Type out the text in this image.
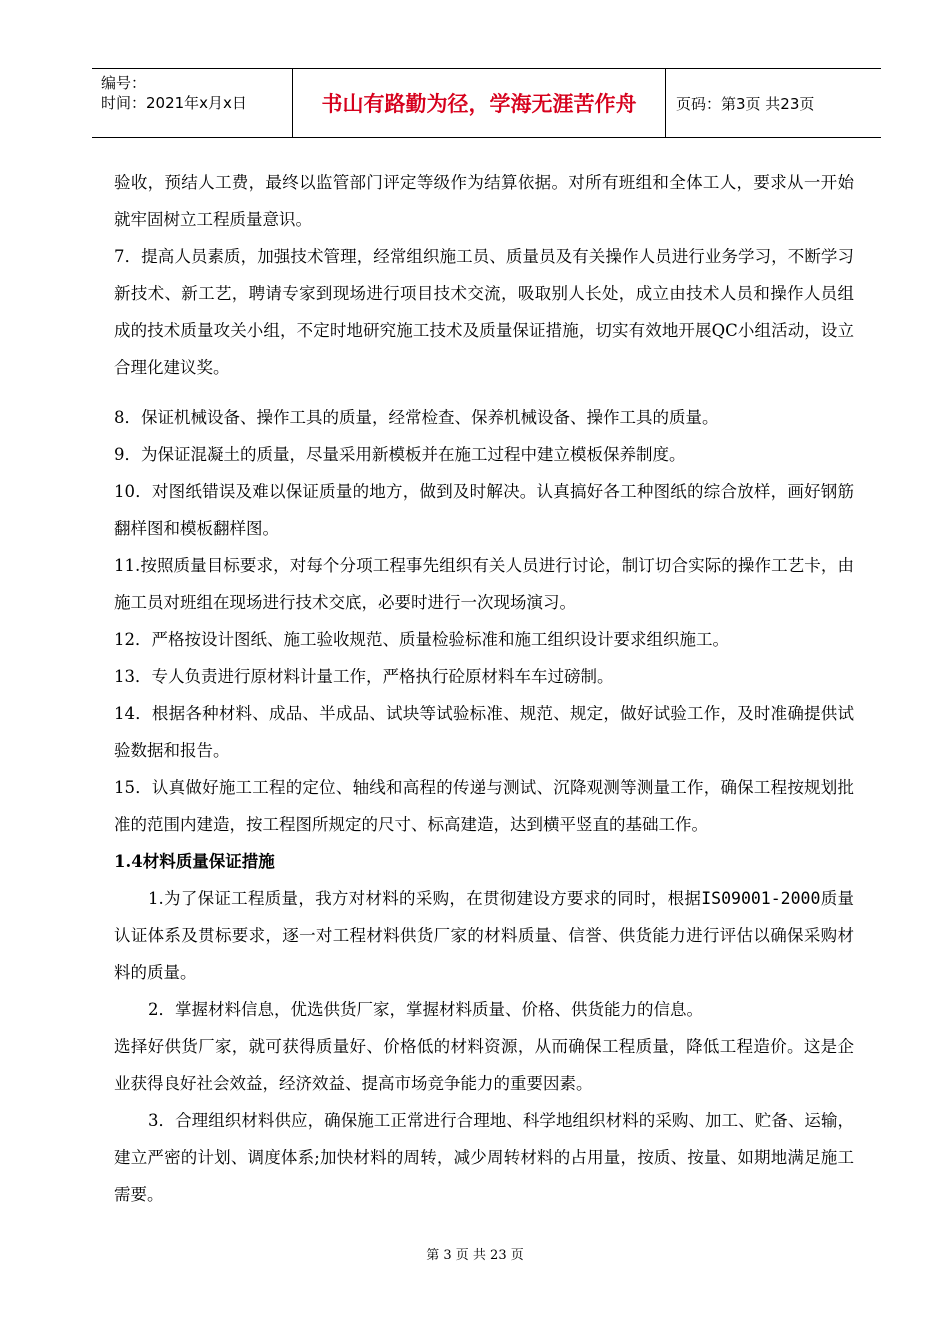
编号：
时间：2021年x月x日	书山有路勤为径，学海无涯苦作舟	页码：第3页 共23页

验收，预结人工费，最终以监管部门评定等级作为结算依据。对所有班组和全体工人，要求从一开始就牢固树立工程质量意识。

7．提高人员素质，加强技术管理，经常组织施工员、质量员及有关操作人员进行业务学习，不断学习新技术、新工艺，聘请专家到现场进行项目技术交流，吸取别人长处，成立由技术人员和操作人员组成的技术质量攻关小组，不定时地研究施工技术及质量保证措施，切实有效地开展QC小组活动，设立合理化建议奖。

8．保证机械设备、操作工具的质量，经常检查、保养机械设备、操作工具的质量。

9．为保证混凝土的质量，尽量采用新模板并在施工过程中建立模板保养制度。

10．对图纸错误及难以保证质量的地方，做到及时解决。认真搞好各工种图纸的综合放样，画好钢筋翻样图和模板翻样图。

11.按照质量目标要求，对每个分项工程事先组织有关人员进行讨论，制订切合实际的操作工艺卡，由施工员对班组在现场进行技术交底，必要时进行一次现场演习。

12．严格按设计图纸、施工验收规范、质量检验标准和施工组织设计要求组织施工。

13．专人负责进行原材料计量工作，严格执行砼原材料车车过磅制。

14．根据各种材料、成品、半成品、试块等试验标准、规范、规定，做好试验工作，及时准确提供试验数据和报告。

15．认真做好施工工程的定位、轴线和高程的传递与测试、沉降观测等测量工作，确保工程按规划批准的范围内建造，按工程图所规定的尺寸、标高建造，达到横平竖直的基础工作。

1.4材料质量保证措施

1.为了保证工程质量，我方对材料的采购，在贯彻建设方要求的同时，根据IS09001-2000质量认证体系及贯标要求，逐一对工程材料供货厂家的材料质量、信誉、供货能力进行评估以确保采购材料的质量。

2．掌握材料信息，优选供货厂家，掌握材料质量、价格、供货能力的信息。

选择好供货厂家，就可获得质量好、价格低的材料资源，从而确保工程质量，降低工程造价。这是企业获得良好社会效益，经济效益、提高市场竞争能力的重要因素。

3．合理组织材料供应，确保施工正常进行合理地、科学地组织材料的采购、加工、贮备、运输，建立严密的计划、调度体系;加快材料的周转，减少周转材料的占用量，按质、按量、如期地满足施工需要。

第 3 页 共 23 页
